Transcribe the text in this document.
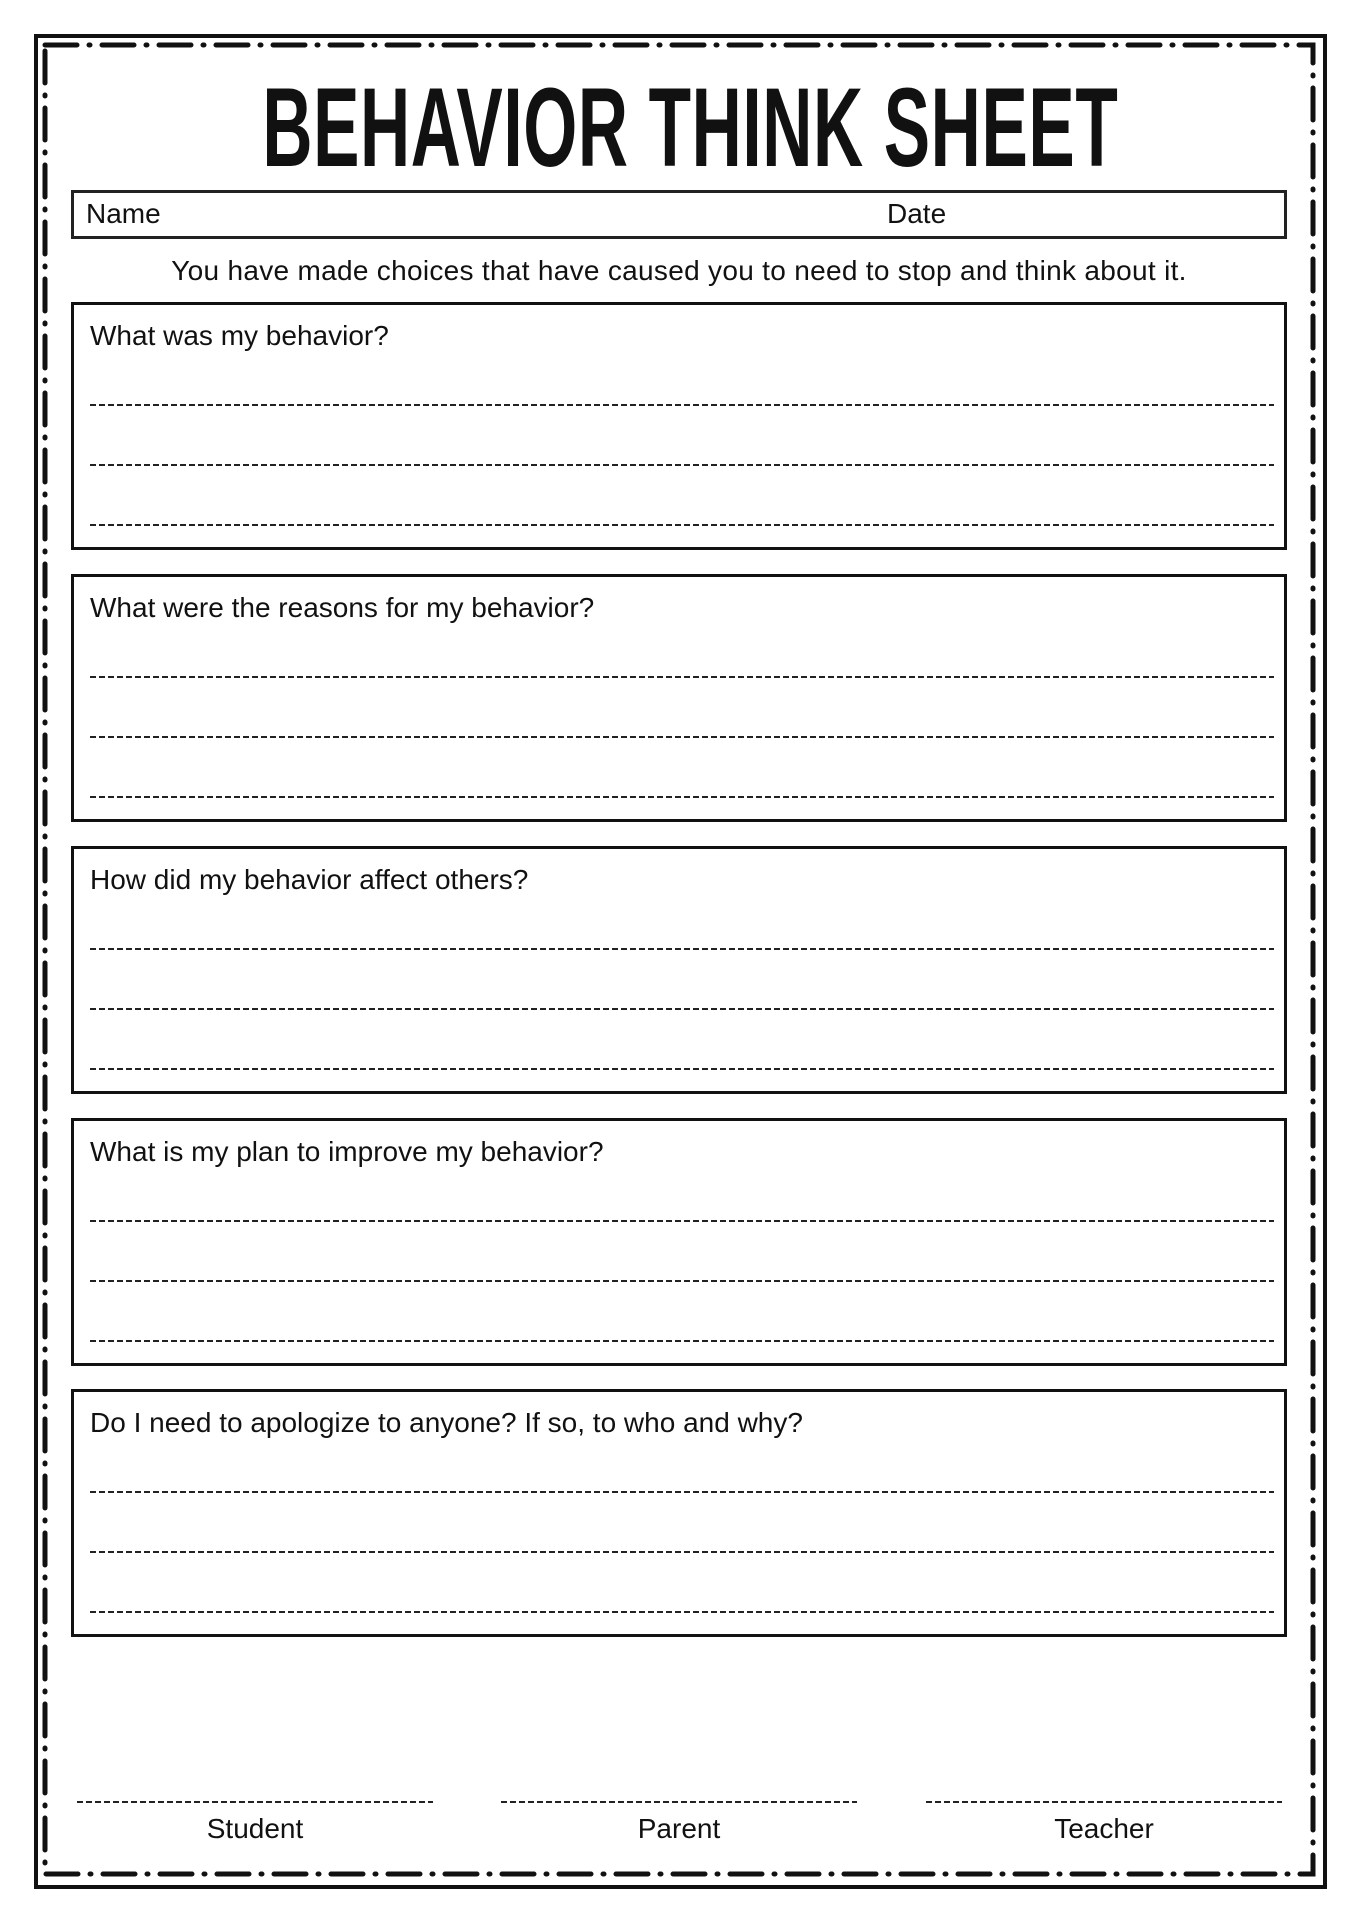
BEHAVIOR THINK SHEET
Name	Date
You have made choices that have caused you to need to stop and think about it.
What was my behavior?
What were the reasons for my behavior?
How did my behavior affect others?
What is my plan to improve my behavior?
Do I need to apologize to anyone? If so, to who and why?
Student	Parent	Teacher
